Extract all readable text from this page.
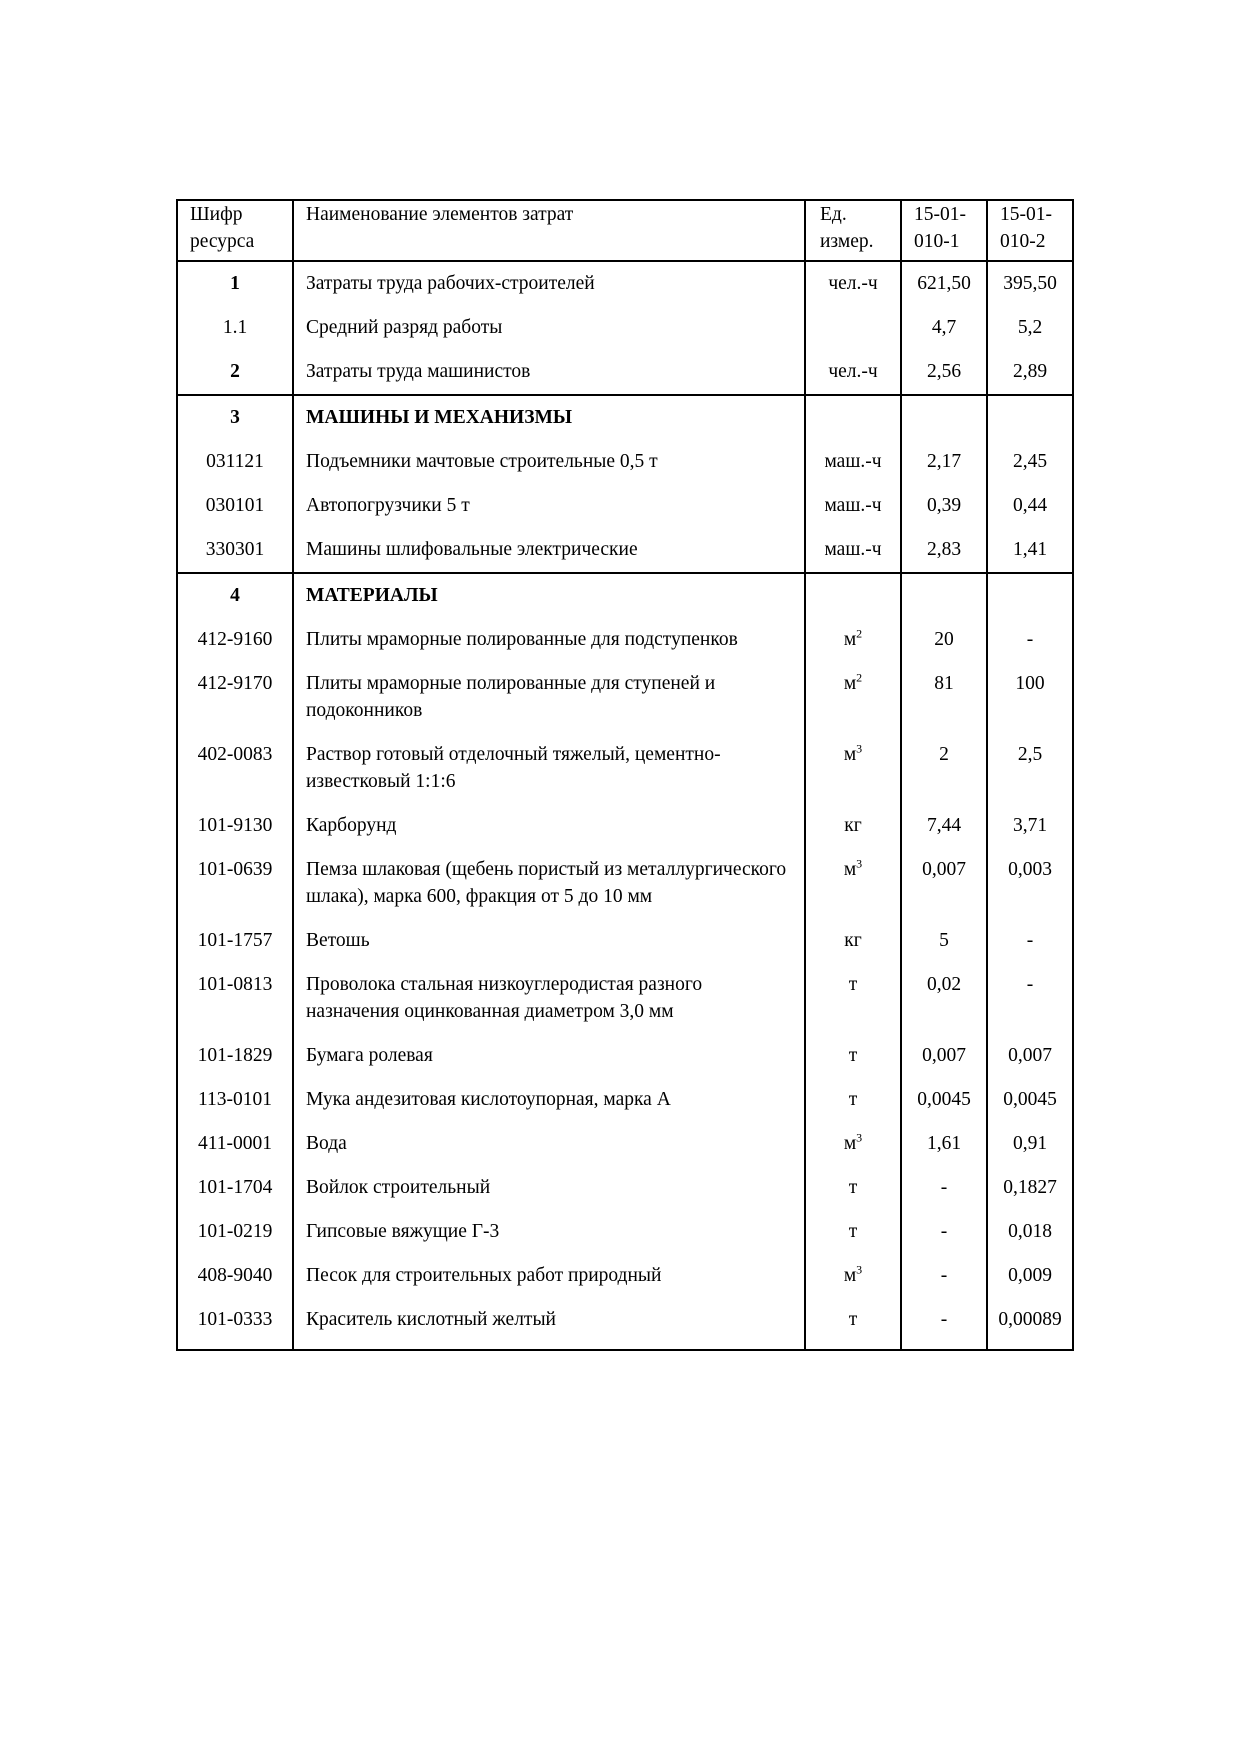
Шифр ресурса	Наименование элементов затрат	Ед. измер.	15-01-010-1	15-01-010-2
1	Затраты труда рабочих-строителей	чел.-ч	621,50	395,50
1.1	Средний разряд работы		4,7	5,2
2	Затраты труда машинистов	чел.-ч	2,56	2,89
3	МАШИНЫ И МЕХАНИЗМЫ			
031121	Подъемники мачтовые строительные 0,5 т	маш.-ч	2,17	2,45
030101	Автопогрузчики 5 т	маш.-ч	0,39	0,44
330301	Машины шлифовальные электрические	маш.-ч	2,83	1,41
4	МАТЕРИАЛЫ			
412-9160	Плиты мраморные полированные для подступенков	$м^2$	20	-
412-9170	Плиты мраморные полированные для ступеней и подоконников	$м^2$	81	100
402-0083	Раствор готовый отделочный тяжелый, цементно-известковый 1:1:6	$м^3$	2	2,5
101-9130	Карборунд	кг	7,44	3,71
101-0639	Пемза шлаковая (щебень пористый из металлургического шлака), марка 600, фракция от 5 до 10 мм	$м^3$	0,007	0,003
101-1757	Ветошь	кг	5	-
101-0813	Проволока стальная низкоуглеродистая разного назначения оцинкованная диаметром 3,0 мм	т	0,02	-
101-1829	Бумага ролевая	т	0,007	0,007
113-0101	Мука андезитовая кислотоупорная, марка А	т	0,0045	0,0045
411-0001	Вода	$м^3$	1,61	0,91
101-1704	Войлок строительный	т	-	0,1827
101-0219	Гипсовые вяжущие Г-3	т	-	0,018
408-9040	Песок для строительных работ природный	$м^3$	-	0,009
101-0333	Краситель кислотный желтый	т	-	0,00089
